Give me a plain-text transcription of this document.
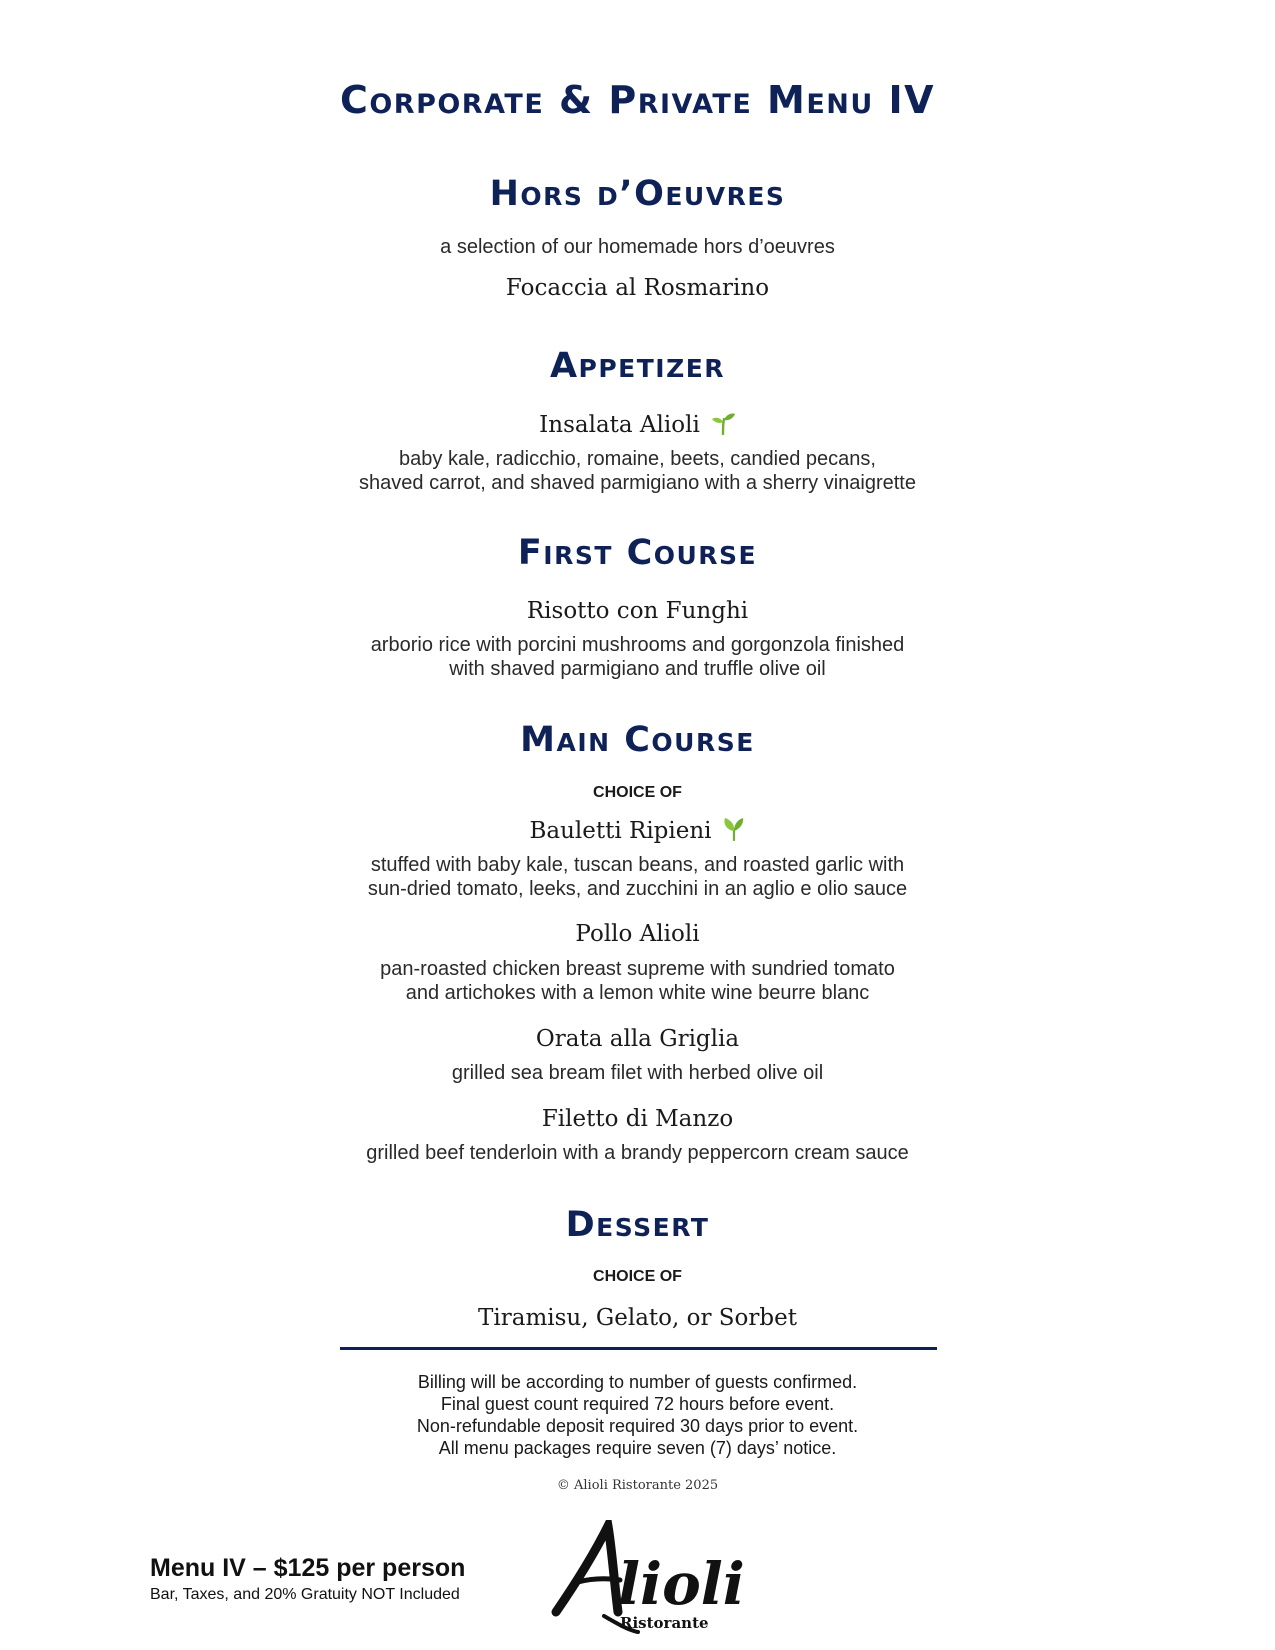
Corporate & Private Menu IV
Hors d’Oeuvres
a selection of our homemade hors d’oeuvres
Focaccia al Rosmarino
Appetizer
Insalata Alioli
baby kale, radicchio, romaine, beets, candied pecans,
shaved carrot, and shaved parmigiano with a sherry vinaigrette
First Course
Risotto con Funghi
arborio rice with porcini mushrooms and gorgonzola finished
with shaved parmigiano and truffle olive oil
Main Course
CHOICE OF
Bauletti Ripieni
stuffed with baby kale, tuscan beans, and roasted garlic with
sun-dried tomato, leeks, and zucchini in an aglio e olio sauce
Pollo Alioli
pan-roasted chicken breast supreme with sundried tomato
and artichokes with a lemon white wine beurre blanc
Orata alla Griglia
grilled sea bream filet with herbed olive oil
Filetto di Manzo
grilled beef tenderloin with a brandy peppercorn cream sauce
Dessert
CHOICE OF
Tiramisu, Gelato, or Sorbet
Billing will be according to number of guests confirmed.
Final guest count required 72 hours before event.
Non-refundable deposit required 30 days prior to event.
All menu packages require seven (7) days’ notice.
© Alioli Ristorante 2025
Menu IV – $125 per person
Bar, Taxes, and 20% Gratuity NOT Included	lioli
Ristorante
